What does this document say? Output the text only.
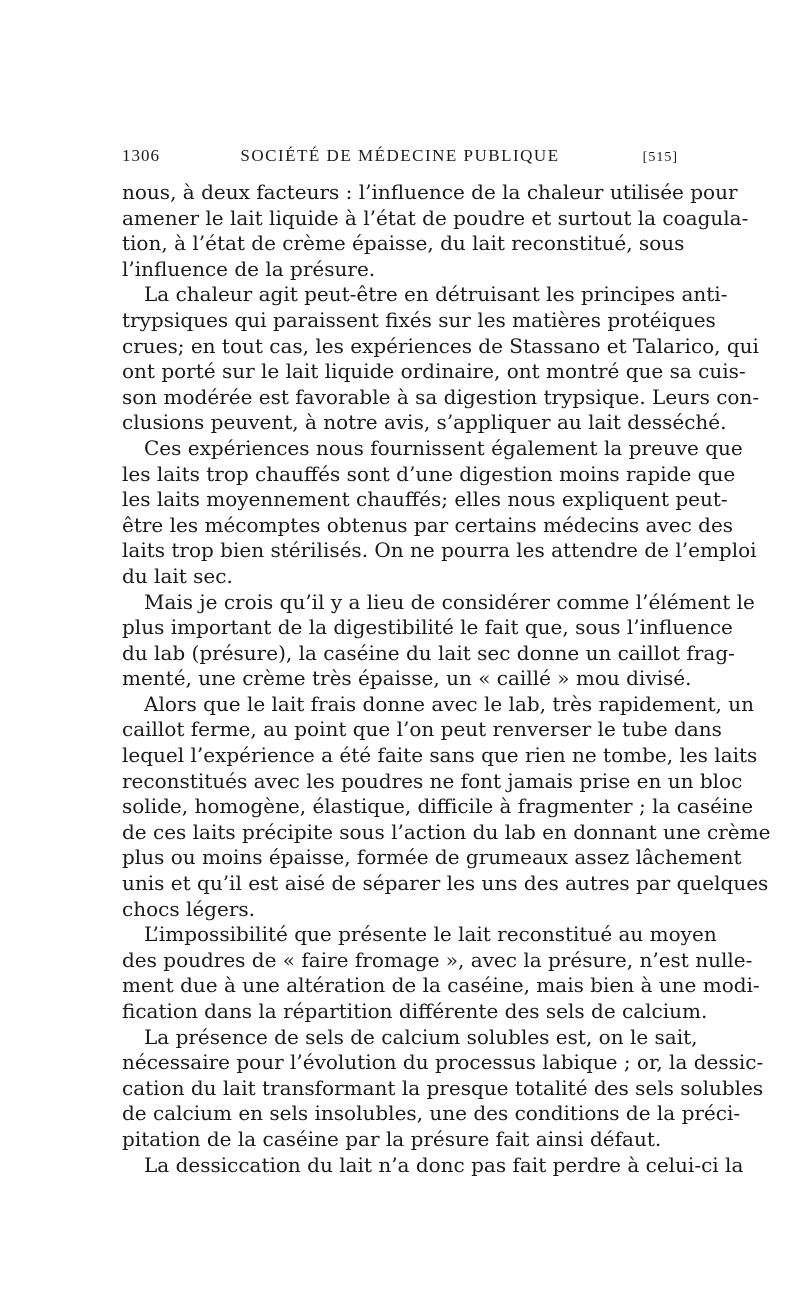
1306	SOCIÉTÉ DE MÉDECINE PUBLIQUE	[515]
nous, à deux facteurs : l’influence de la chaleur utilisée pour
amener le lait liquide à l’état de poudre et surtout la coagula-
tion, à l’état de crème épaisse, du lait reconstitué, sous
l’influence de la présure.
La chaleur agit peut-être en détruisant les principes anti-
trypsiques qui paraissent fixés sur les matières protéiques
crues; en tout cas, les expériences de Stassano et Talarico, qui
ont porté sur le lait liquide ordinaire, ont montré que sa cuis-
son modérée est favorable à sa digestion trypsique. Leurs con-
clusions peuvent, à notre avis, s’appliquer au lait desséché.
Ces expériences nous fournissent également la preuve que
les laits trop chauffés sont d’une digestion moins rapide que
les laits moyennement chauffés; elles nous expliquent peut-
être les mécomptes obtenus par certains médecins avec des
laits trop bien stérilisés. On ne pourra les attendre de l’emploi
du lait sec.
Mais je crois qu’il y a lieu de considérer comme l’élément le
plus important de la digestibilité le fait que, sous l’influence
du lab (présure), la caséine du lait sec donne un caillot frag-
menté, une crème très épaisse, un « caillé » mou divisé.
Alors que le lait frais donne avec le lab, très rapidement, un
caillot ferme, au point que l’on peut renverser le tube dans
lequel l’expérience a été faite sans que rien ne tombe, les laits
reconstitués avec les poudres ne font jamais prise en un bloc
solide, homogène, élastique, difficile à fragmenter ; la caséine
de ces laits précipite sous l’action du lab en donnant une crème
plus ou moins épaisse, formée de grumeaux assez lâchement
unis et qu’il est aisé de séparer les uns des autres par quelques
chocs légers.
L’impossibilité que présente le lait reconstitué au moyen
des poudres de « faire fromage », avec la présure, n’est nulle-
ment due à une altération de la caséine, mais bien à une modi-
fication dans la répartition différente des sels de calcium.
La présence de sels de calcium solubles est, on le sait,
nécessaire pour l’évolution du processus labique ; or, la dessic-
cation du lait transformant la presque totalité des sels solubles
de calcium en sels insolubles, une des conditions de la préci-
pitation de la caséine par la présure fait ainsi défaut.
La dessiccation du lait n’a donc pas fait perdre à celui-ci la
